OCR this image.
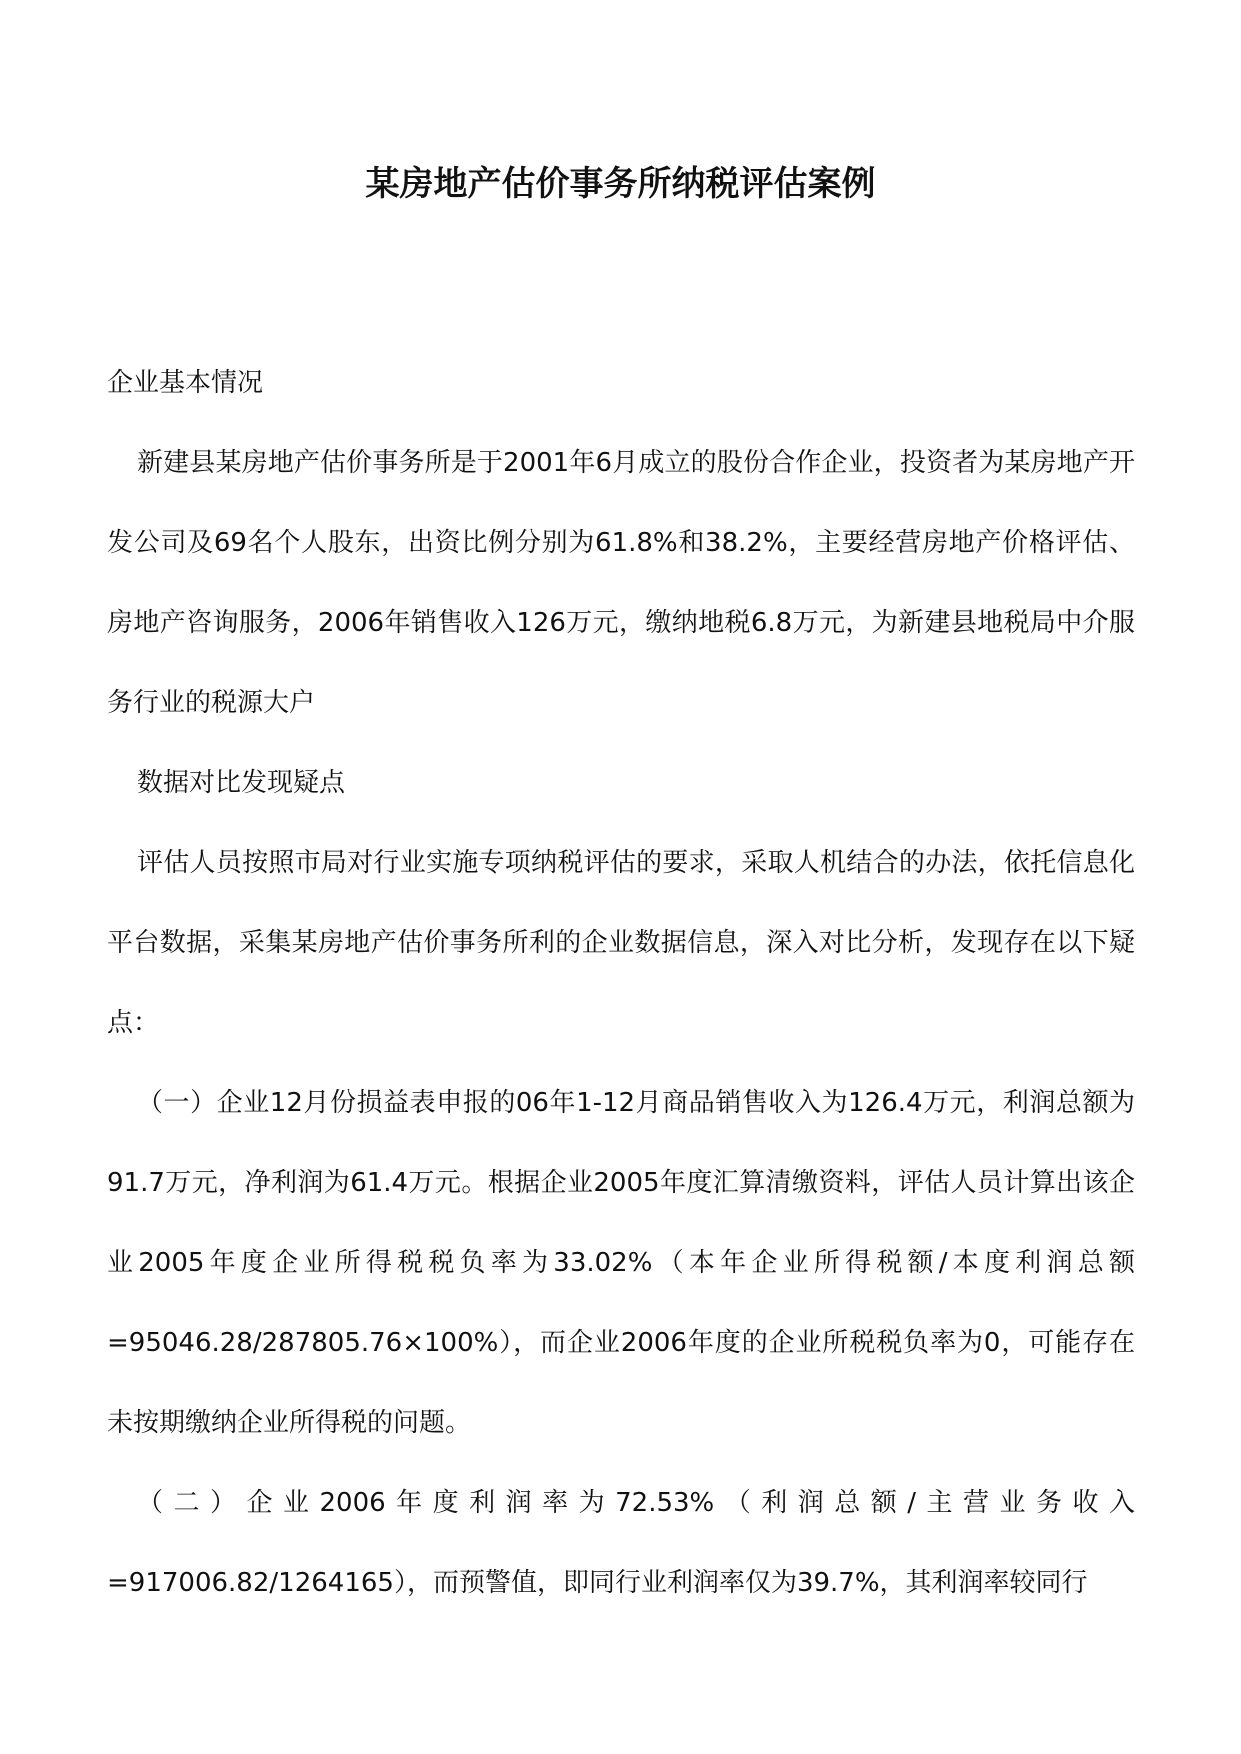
某房地产估价事务所纳税评估案例

企业基本情况

新建县某房地产估价事务所是于2001年6月成立的股份合作企业，投资者为某房地产开发公司及69名个人股东，出资比例分别为61.8%和38.2%，主要经营房地产价格评估、房地产咨询服务，2006年销售收入126万元，缴纳地税6.8万元，为新建县地税局中介服务行业的税源大户

数据对比发现疑点

评估人员按照市局对行业实施专项纳税评估的要求，采取人机结合的办法，依托信息化平台数据，采集某房地产估价事务所利的企业数据信息，深入对比分析，发现存在以下疑点：

（一）企业12月份损益表申报的06年1-12月商品销售收入为126.4万元，利润总额为91.7万元，净利润为61.4万元。根据企业2005年度汇算清缴资料，评估人员计算出该企业2005年度企业所得税税负率为33.02%（本年企业所得税额/本度利润总额=95046.28/287805.76×100%），而企业2006年度的企业所税税负率为0，可能存在未按期缴纳企业所得税的问题。

（二）企业2006年度利润率为72.53%（利润总额/主营业务收入=917006.82/1264165），而预警值，即同行业利润率仅为39.7%，其利润率较同行
